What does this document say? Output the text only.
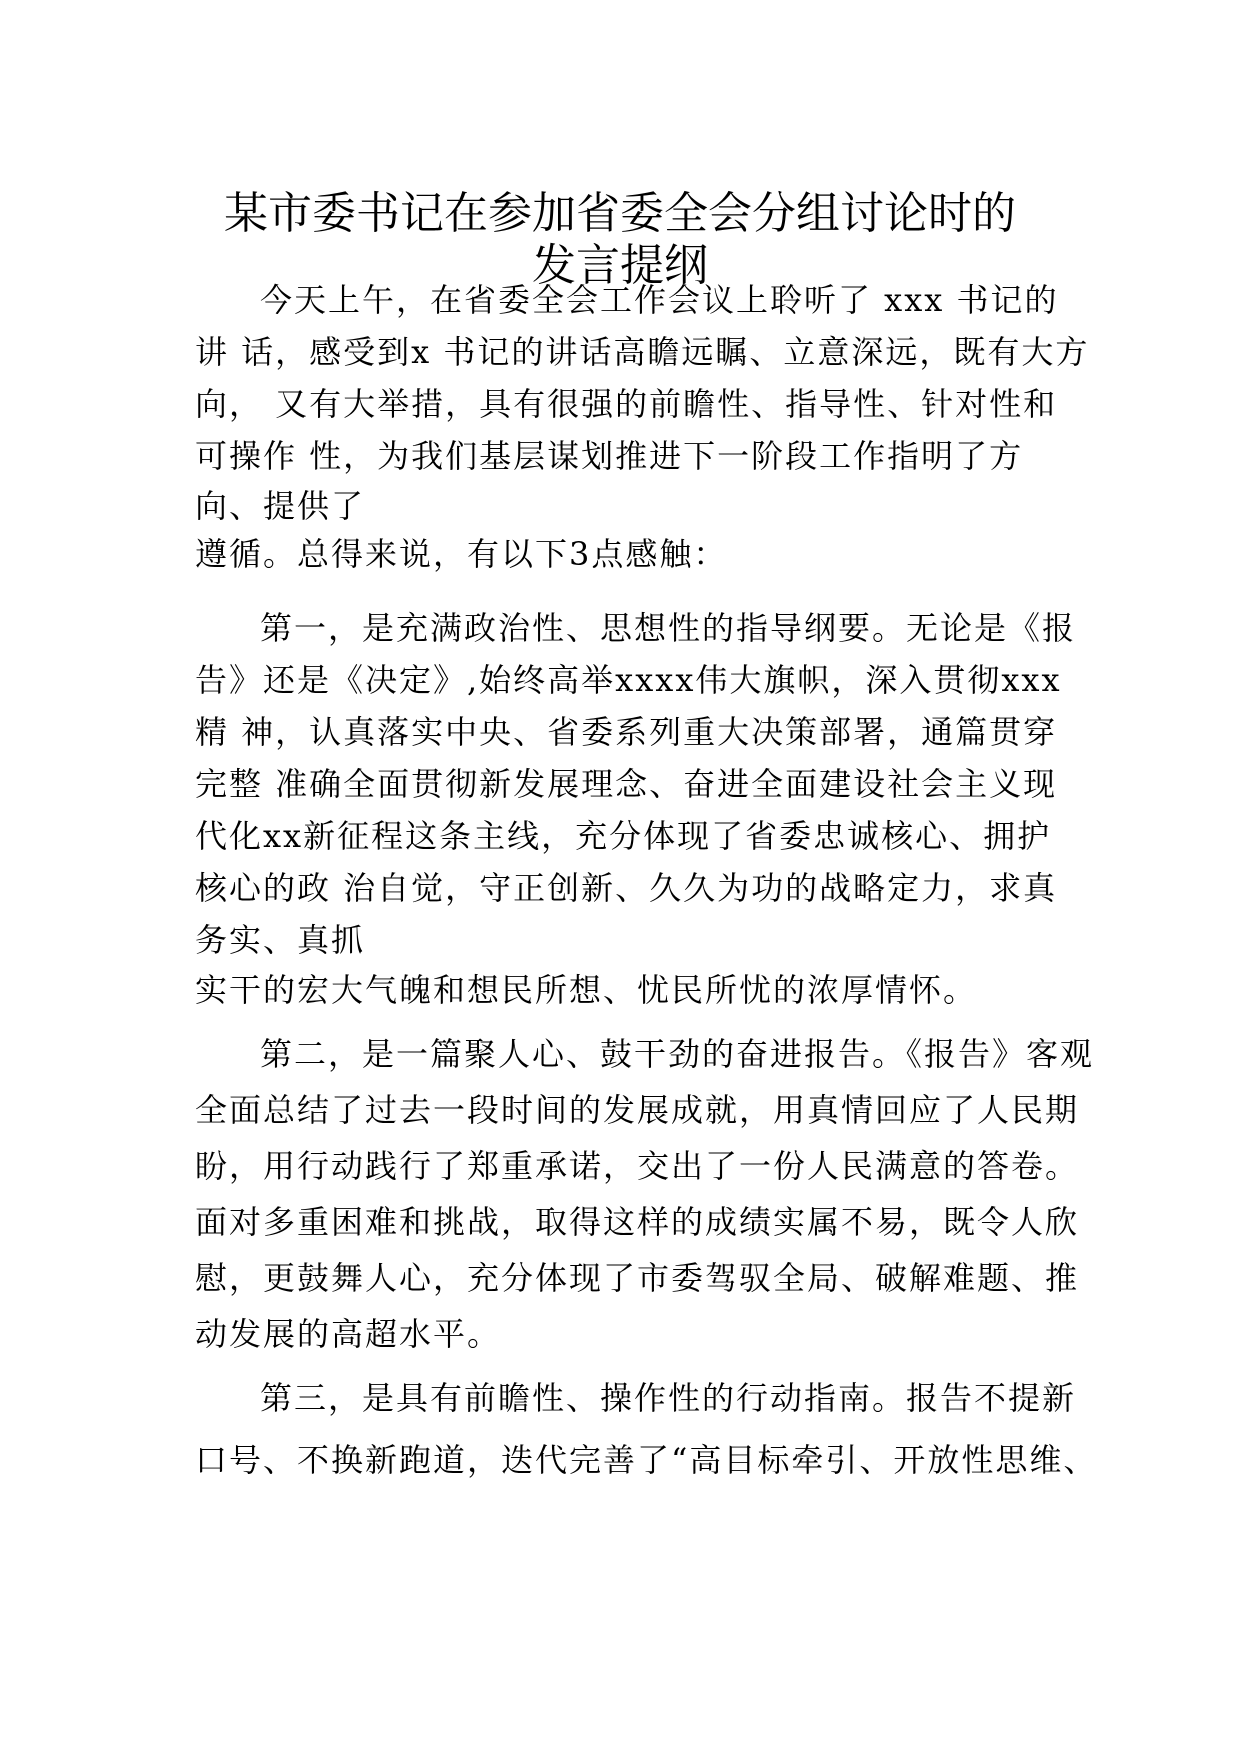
某市委书记在参加省委全会分组讨论时的
发言提纲
今天上午，在省委全会工作会议上聆听了 xxx 书记的
讲 话，感受到x 书记的讲话高瞻远瞩、立意深远，既有大方
向， 又有大举措，具有很强的前瞻性、指导性、针对性和
可操作 性，为我们基层谋划推进下一阶段工作指明了方
向、提供了
遵循。总得来说，有以下3点感触：
第一，是充满政治性、思想性的指导纲要。无论是《报
告》还是《决定》,始终高举xxxx伟大旗帜，深入贯彻xxx
精 神，认真落实中央、省委系列重大决策部署，通篇贯穿
完整 准确全面贯彻新发展理念、奋进全面建设社会主义现
代化xx新征程这条主线，充分体现了省委忠诚核心、拥护
核心的政 治自觉，守正创新、久久为功的战略定力，求真
务实、真抓
实干的宏大气魄和想民所想、忧民所忧的浓厚情怀。
第二，是一篇聚人心、鼓干劲的奋进报告。《报告》客观
全面总结了过去一段时间的发展成就，用真情回应了人民期
盼，用行动践行了郑重承诺，交出了一份人民满意的答卷。
面对多重困难和挑战，取得这样的成绩实属不易，既令人欣
慰，更鼓舞人心，充分体现了市委驾驭全局、破解难题、推
动发展的高超水平。
第三，是具有前瞻性、操作性的行动指南。报告不提新
口号、不换新跑道，迭代完善了“高目标牵引、开放性思维、
